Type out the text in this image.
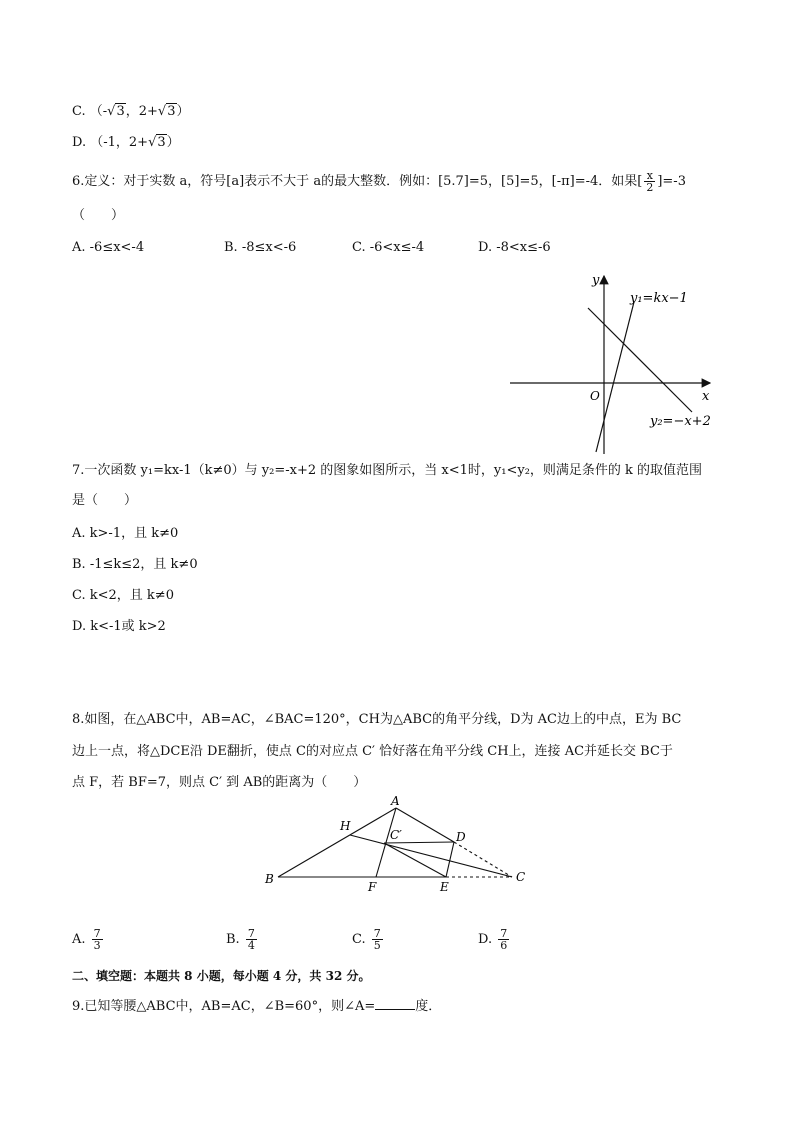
C. （-√3，2+√3）
D. （-1，2+√3）
6.定义：对于实数 a，符号[a]表示不大于 a的最大整数．例如：[5.7]=5，[5]=5，[-π]=-4．如果[ $\frac{x}{2} ]=-3$
（　　）
A. -6≤x<-4	B. -8≤x<-6	C. -6<x≤-4	D. -8<x≤-6
y
x
O
y₁=kx−1
y₂=−x+2
7.一次函数 y₁=kx-1（k≠0）与 y₂=-x+2 的图象如图所示，当 x<1时，y₁<y₂，则满足条件的 k 的取值范围
是（　　）
A. k>-1，且 k≠0
B. -1≤k≤2，且 k≠0
C. k<2，且 k≠0
D. k<-1或 k>2
8.如图，在△ABC中，AB=AC，∠BAC=120°，CH为△ABC的角平分线，D为 AC边上的中点，E为 BC
边上一点，将△DCE沿 DE翻折，使点 C的对应点 C′ 恰好落在角平分线 CH上，连接 AC并延长交 BC于
点 F，若 BF=7，则点 C′ 到 AB的距离为（　　）
A
B	C
D
E
F
H
C′
A. $\frac{7}{3}$	B. $\frac{7}{4}$	C. $\frac{7}{5}$	D. $\frac{7}{6}$
二、填空题：本题共 8 小题，每小题 4 分，共 32 分。
9.已知等腰△ABC中，AB=AC，∠B=60°，则∠A=	度．
